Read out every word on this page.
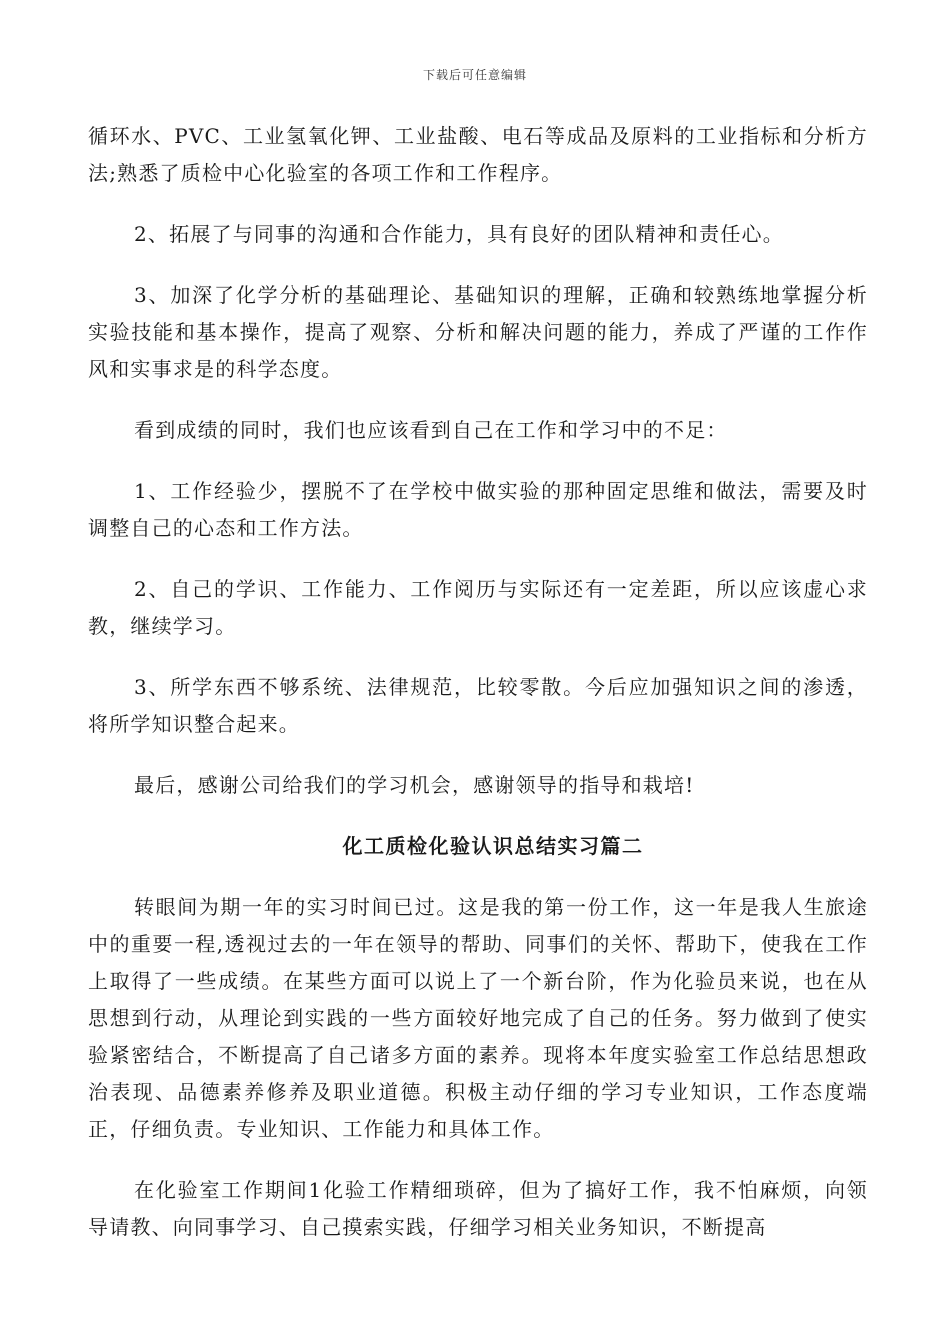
下载后可任意编辑

循环水、PVC、工业氢氧化钾、工业盐酸、电石等成品及原料的工业指标和分析方法;熟悉了质检中心化验室的各项工作和工作程序。

2、拓展了与同事的沟通和合作能力，具有良好的团队精神和责任心。

3、加深了化学分析的基础理论、基础知识的理解，正确和较熟练地掌握分析实验技能和基本操作，提高了观察、分析和解决问题的能力，养成了严谨的工作作风和实事求是的科学态度。

看到成绩的同时，我们也应该看到自己在工作和学习中的不足：

1、工作经验少，摆脱不了在学校中做实验的那种固定思维和做法，需要及时调整自己的心态和工作方法。

2、自己的学识、工作能力、工作阅历与实际还有一定差距，所以应该虚心求教，继续学习。

3、所学东西不够系统、法律规范，比较零散。今后应加强知识之间的渗透，将所学知识整合起来。

最后，感谢公司给我们的学习机会，感谢领导的指导和栽培!

化工质检化验认识总结实习篇二

转眼间为期一年的实习时间已过。这是我的第一份工作，这一年是我人生旅途中的重要一程,透视过去的一年在领导的帮助、同事们的关怀、帮助下，使我在工作上取得了一些成绩。在某些方面可以说上了一个新台阶，作为化验员来说，也在从思想到行动，从理论到实践的一些方面较好地完成了自己的任务。努力做到了使实验紧密结合，不断提高了自己诸多方面的素养。现将本年度实验室工作总结思想政治表现、品德素养修养及职业道德。积极主动仔细的学习专业知识，工作态度端正，仔细负责。专业知识、工作能力和具体工作。

在化验室工作期间1化验工作精细琐碎，但为了搞好工作，我不怕麻烦，向领导请教、向同事学习、自己摸索实践，仔细学习相关业务知识，不断提高
